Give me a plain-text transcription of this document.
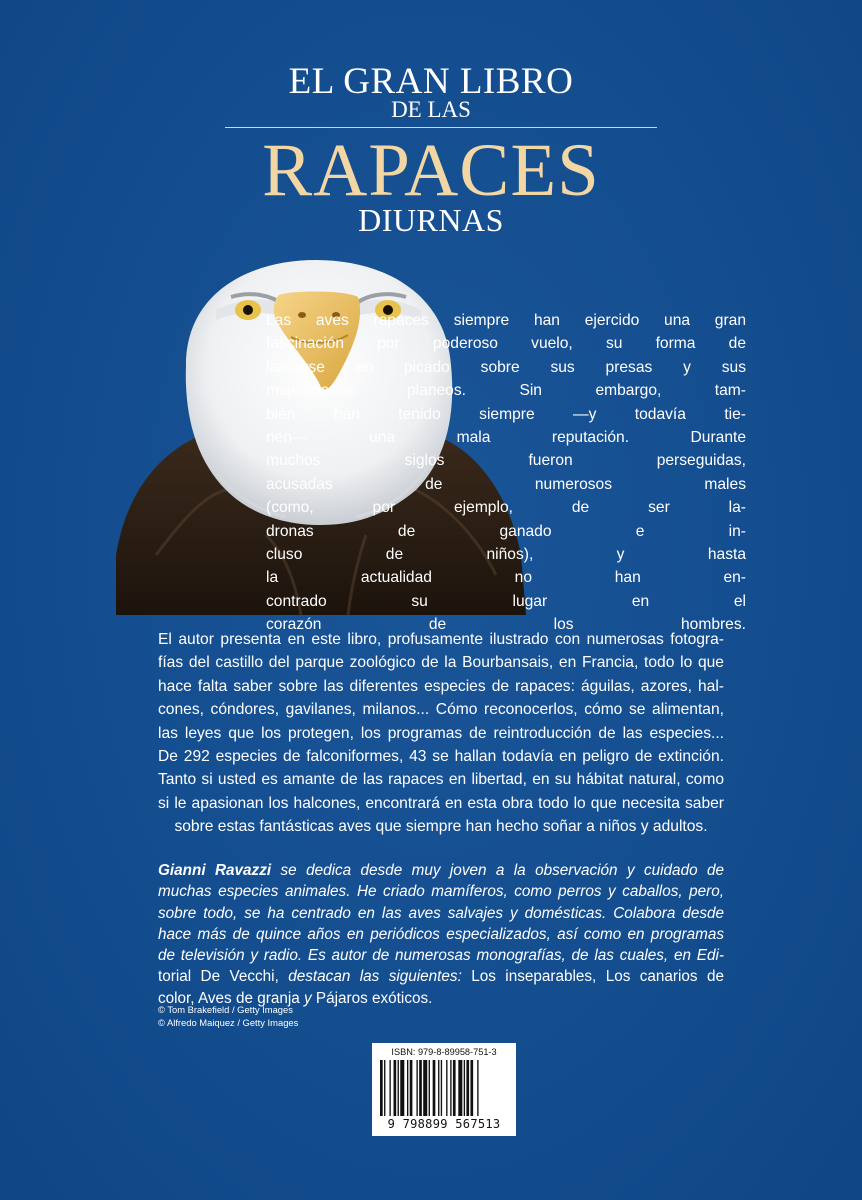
EL GRAN LIBRO
DE LAS
RAPACES
DIURNAS
Las aves rapaces siempre han ejercido una gran
fascinación por poderoso vuelo, su forma de
lanzarse en picado sobre sus presas y sus
majestuosos planeos. Sin embargo, tam-
bién han tenido siempre —y todavía tie-
nen— una mala reputación. Durante
muchos siglos fueron perseguidas,
acusadas de numerosos males
(como, por ejemplo, de ser la-
dronas de ganado e in-
cluso de niños), y hasta
la actualidad no han en-
contrado su lugar en el
corazón de los hombres.
El autor presenta en este libro, profusamente ilustrado con numerosas fotogra-
fías del castillo del parque zoológico de la Bourbansais, en Francia, todo lo que
hace falta saber sobre las diferentes especies de rapaces: águilas, azores, hal-
cones, cóndores, gavilanes, milanos... Cómo reconocerlos, cómo se alimentan,
las leyes que los protegen, los programas de reintroducción de las especies...
De 292 especies de falconiformes, 43 se hallan todavía en peligro de extinción.
Tanto si usted es amante de las rapaces en libertad, en su hábitat natural, como
si le apasionan los halcones, encontrará en esta obra todo lo que necesita saber
sobre estas fantásticas aves que siempre han hecho soñar a niños y adultos.
Gianni Ravazzi se dedica desde muy joven a la observación y cuidado de
muchas especies animales. He criado mamíferos, como perros y caballos, pero,
sobre todo, se ha centrado en las aves salvajes y domésticas. Colabora desde
hace más de quince años en periódicos especializados, así como en programas
de televisión y radio. Es autor de numerosas monografías, de las cuales, en Edi-
torial De Vecchi, destacan las siguientes: Los inseparables, Los canarios de
color, Aves de granja y Pájaros exóticos.
© Tom Brakefield / Getty Images
© Alfredo Maiquez / Getty Images
ISBN: 979-8-89958-751-3
9 798899 567513
